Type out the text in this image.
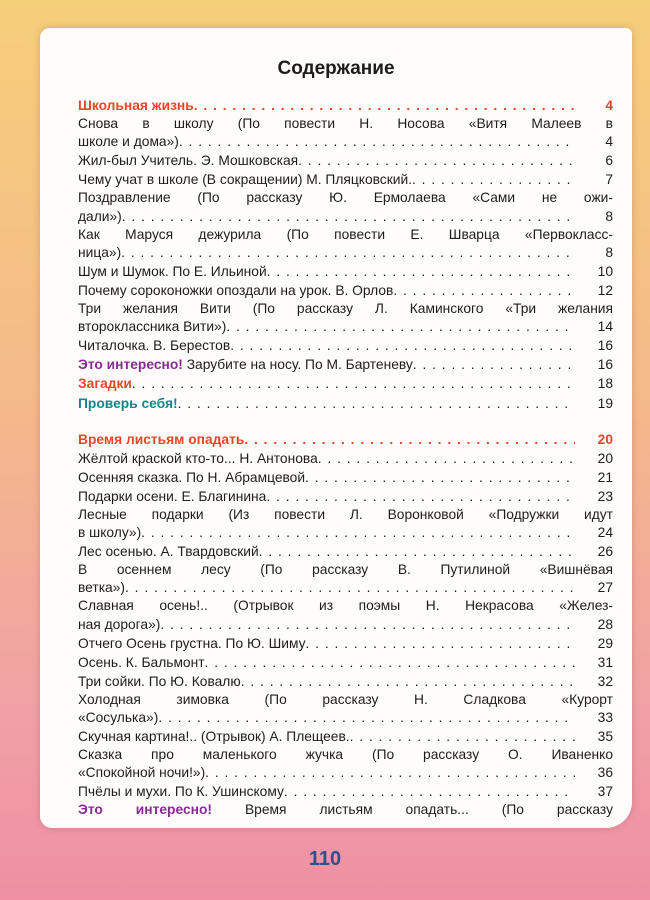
Содержание
Школьная жизнь . . .	4
Снова в школу (По повести Н. Носова «Витя Малеев в
школе и дома») . . .	4
Жил-был Учитель. Э. Мошковская . . .	6
Чему учат в школе (В сокращении) М. Пляцковский. . . .	7
Поздравление (По рассказу Ю. Ермолаева «Сами не ожи-
дали») . . .	8
Как Маруся дежурила (По повести Е. Шварца «Первокласс-
ница») . . .	8
Шум и Шумок. По Е. Ильиной . . .	10
Почему сороконожки опоздали на урок. В. Орлов . . .	12
Три желания Вити (По рассказу Л. Каминского «Три желания
второклассника Вити») . . .	14
Читалочка. В. Берестов . . .	16
Это интересно! Зарубите на носу. По М. Бартеневу . . .	16
Загадки . . .	18
Проверь себя! . . .	19
Время листьям опадать . . .	20
Жёлтой краской кто-то... Н. Антонова . . .	20
Осенняя сказка. По Н. Абрамцевой . . .	21
Подарки осени. Е. Благинина . . .	23
Лесные подарки (Из повести Л. Воронковой «Подружки идут
в школу») . . .	24
Лес осенью. А. Твардовский . . .	26
В осеннем лесу (По рассказу В. Путилиной «Вишнёвая
ветка») . . .	27
Славная осень!.. (Отрывок из поэмы Н. Некрасова «Желез-
ная дорога») . . .	28
Отчего Осень грустна. По Ю. Шиму . . .	29
Осень. К. Бальмонт . . .	31
Три сойки. По Ю. Ковалю . . .	32
Холодная зимовка (По рассказу Н. Сладкова «Курорт
«Сосулька») . . .	33
Скучная картина!.. (Отрывок) А. Плещеев. . . .	35
Сказка про маленького жучка (По рассказу О. Иваненко
«Спокойной ночи!») . . .	36
Пчёлы и мухи. По К. Ушинскому . . .	37
Это интересно! Время листьям опадать... (По рассказу
110
